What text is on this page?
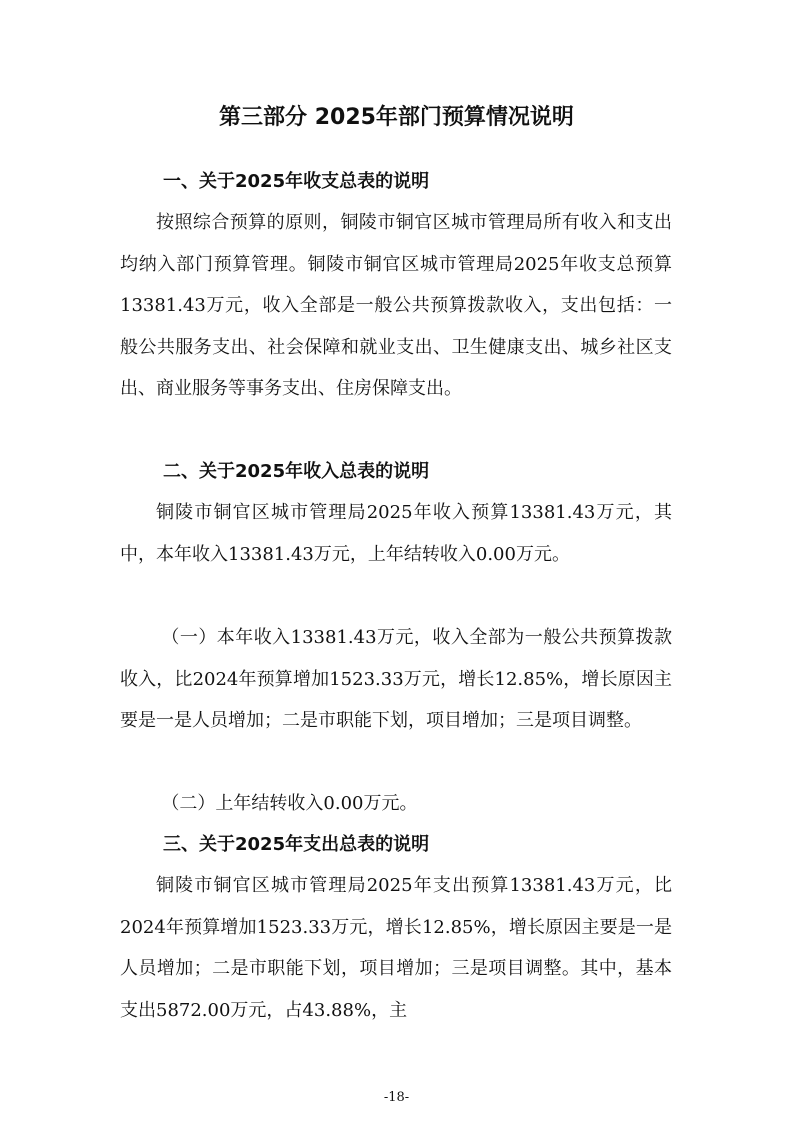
第三部分 2025年部门预算情况说明
一、关于2025年收支总表的说明

按照综合预算的原则，铜陵市铜官区城市管理局所有收入和支出均纳入部门预算管理。铜陵市铜官区城市管理局2025年收支总预算13381.43万元，收入全部是一般公共预算拨款收入，支出包括：一般公共服务支出、社会保障和就业支出、卫生健康支出、城乡社区支出、商业服务等事务支出、住房保障支出。

二、关于2025年收入总表的说明

铜陵市铜官区城市管理局2025年收入预算13381.43万元，其中，本年收入13381.43万元，上年结转收入0.00万元。

（一）本年收入13381.43万元，收入全部为一般公共预算拨款收入，比2024年预算增加1523.33万元，增长12.85%，增长原因主要是一是人员增加；二是市职能下划，项目增加；三是项目调整。

（二）上年结转收入0.00万元。

三、关于2025年支出总表的说明

铜陵市铜官区城市管理局2025年支出预算13381.43万元，比2024年预算增加1523.33万元，增长12.85%，增长原因主要是一是人员增加；二是市职能下划，项目增加；三是项目调整。其中，基本支出5872.00万元，占43.88%，主

-18-
